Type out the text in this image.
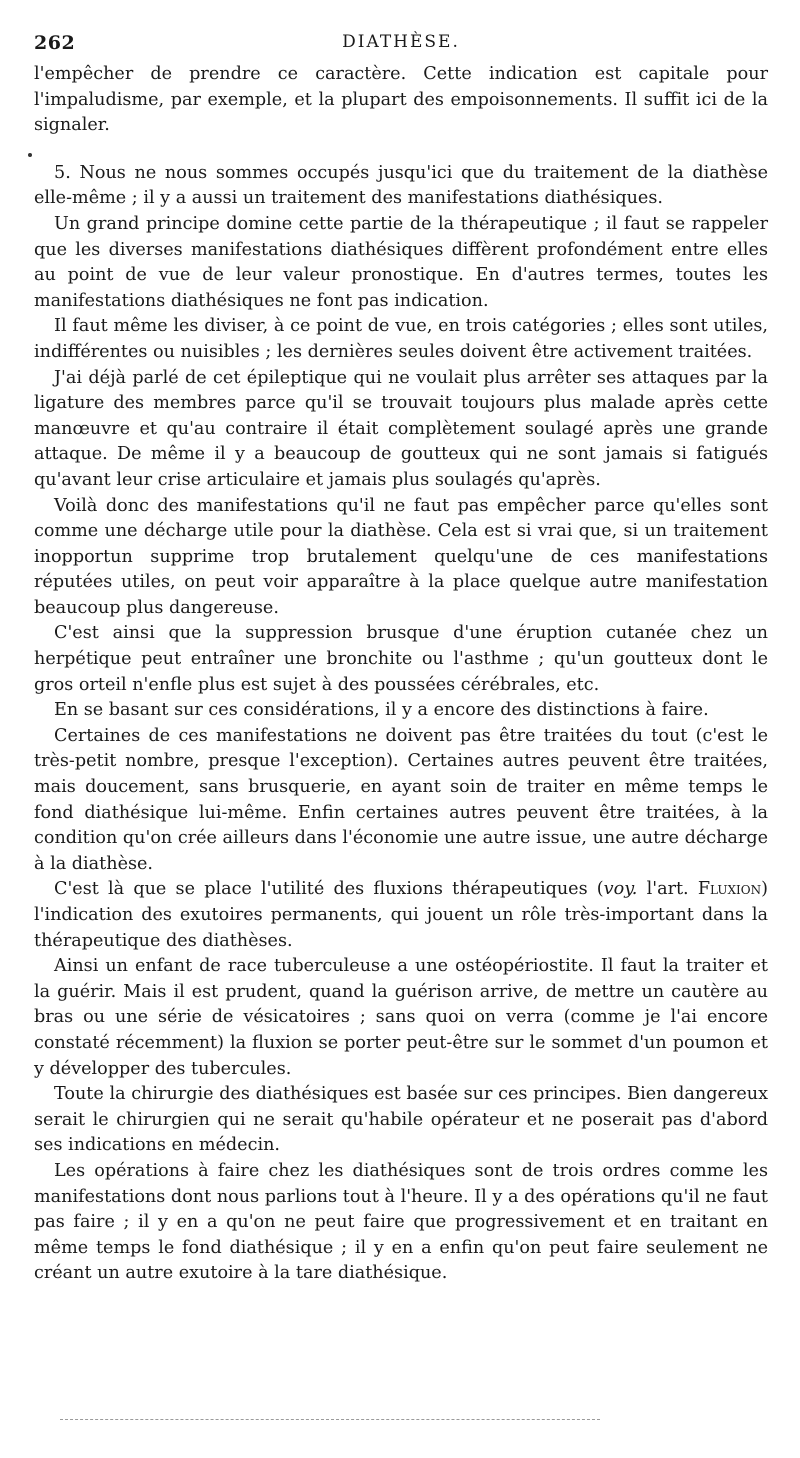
262	DIATHÈSE.

l'empêcher de prendre ce caractère. Cette indication est capitale pour l'impaludisme, par exemple, et la plupart des empoisonnements. Il suffit ici de la signaler.

5. Nous ne nous sommes occupés jusqu'ici que du traitement de la diathèse elle-même ; il y a aussi un traitement des manifestations diathésiques.

Un grand principe domine cette partie de la thérapeutique ; il faut se rappeler que les diverses manifestations diathésiques diffèrent profondément entre elles au point de vue de leur valeur pronostique. En d'autres termes, toutes les manifestations diathésiques ne font pas indication.

Il faut même les diviser, à ce point de vue, en trois catégories ; elles sont utiles, indifférentes ou nuisibles ; les dernières seules doivent être activement traitées.

J'ai déjà parlé de cet épileptique qui ne voulait plus arrêter ses attaques par la ligature des membres parce qu'il se trouvait toujours plus malade après cette manœuvre et qu'au contraire il était complètement soulagé après une grande attaque. De même il y a beaucoup de goutteux qui ne sont jamais si fatigués qu'avant leur crise articulaire et jamais plus soulagés qu'après.

Voilà donc des manifestations qu'il ne faut pas empêcher parce qu'elles sont comme une décharge utile pour la diathèse. Cela est si vrai que, si un traitement inopportun supprime trop brutalement quelqu'une de ces manifestations réputées utiles, on peut voir apparaître à la place quelque autre manifestation beaucoup plus dangereuse.

C'est ainsi que la suppression brusque d'une éruption cutanée chez un herpétique peut entraîner une bronchite ou l'asthme ; qu'un goutteux dont le gros orteil n'enfle plus est sujet à des poussées cérébrales, etc.

En se basant sur ces considérations, il y a encore des distinctions à faire.

Certaines de ces manifestations ne doivent pas être traitées du tout (c'est le très-petit nombre, presque l'exception). Certaines autres peuvent être traitées, mais doucement, sans brusquerie, en ayant soin de traiter en même temps le fond diathésique lui-même. Enfin certaines autres peuvent être traitées, à la condition qu'on crée ailleurs dans l'économie une autre issue, une autre décharge à la diathèse.

C'est là que se place l'utilité des fluxions thérapeutiques (voy. l'art. Fluxion) l'indication des exutoires permanents, qui jouent un rôle très-important dans la thérapeutique des diathèses.

Ainsi un enfant de race tuberculeuse a une ostéopériostite. Il faut la traiter et la guérir. Mais il est prudent, quand la guérison arrive, de mettre un cautère au bras ou une série de vésicatoires ; sans quoi on verra (comme je l'ai encore constaté récemment) la fluxion se porter peut-être sur le sommet d'un poumon et y développer des tubercules.

Toute la chirurgie des diathésiques est basée sur ces principes. Bien dangereux serait le chirurgien qui ne serait qu'habile opérateur et ne poserait pas d'abord ses indications en médecin.

Les opérations à faire chez les diathésiques sont de trois ordres comme les manifestations dont nous parlions tout à l'heure. Il y a des opérations qu'il ne faut pas faire ; il y en a qu'on ne peut faire que progressivement et en traitant en même temps le fond diathésique ; il y en a enfin qu'on peut faire seulement ne créant un autre exutoire à la tare diathésique.
